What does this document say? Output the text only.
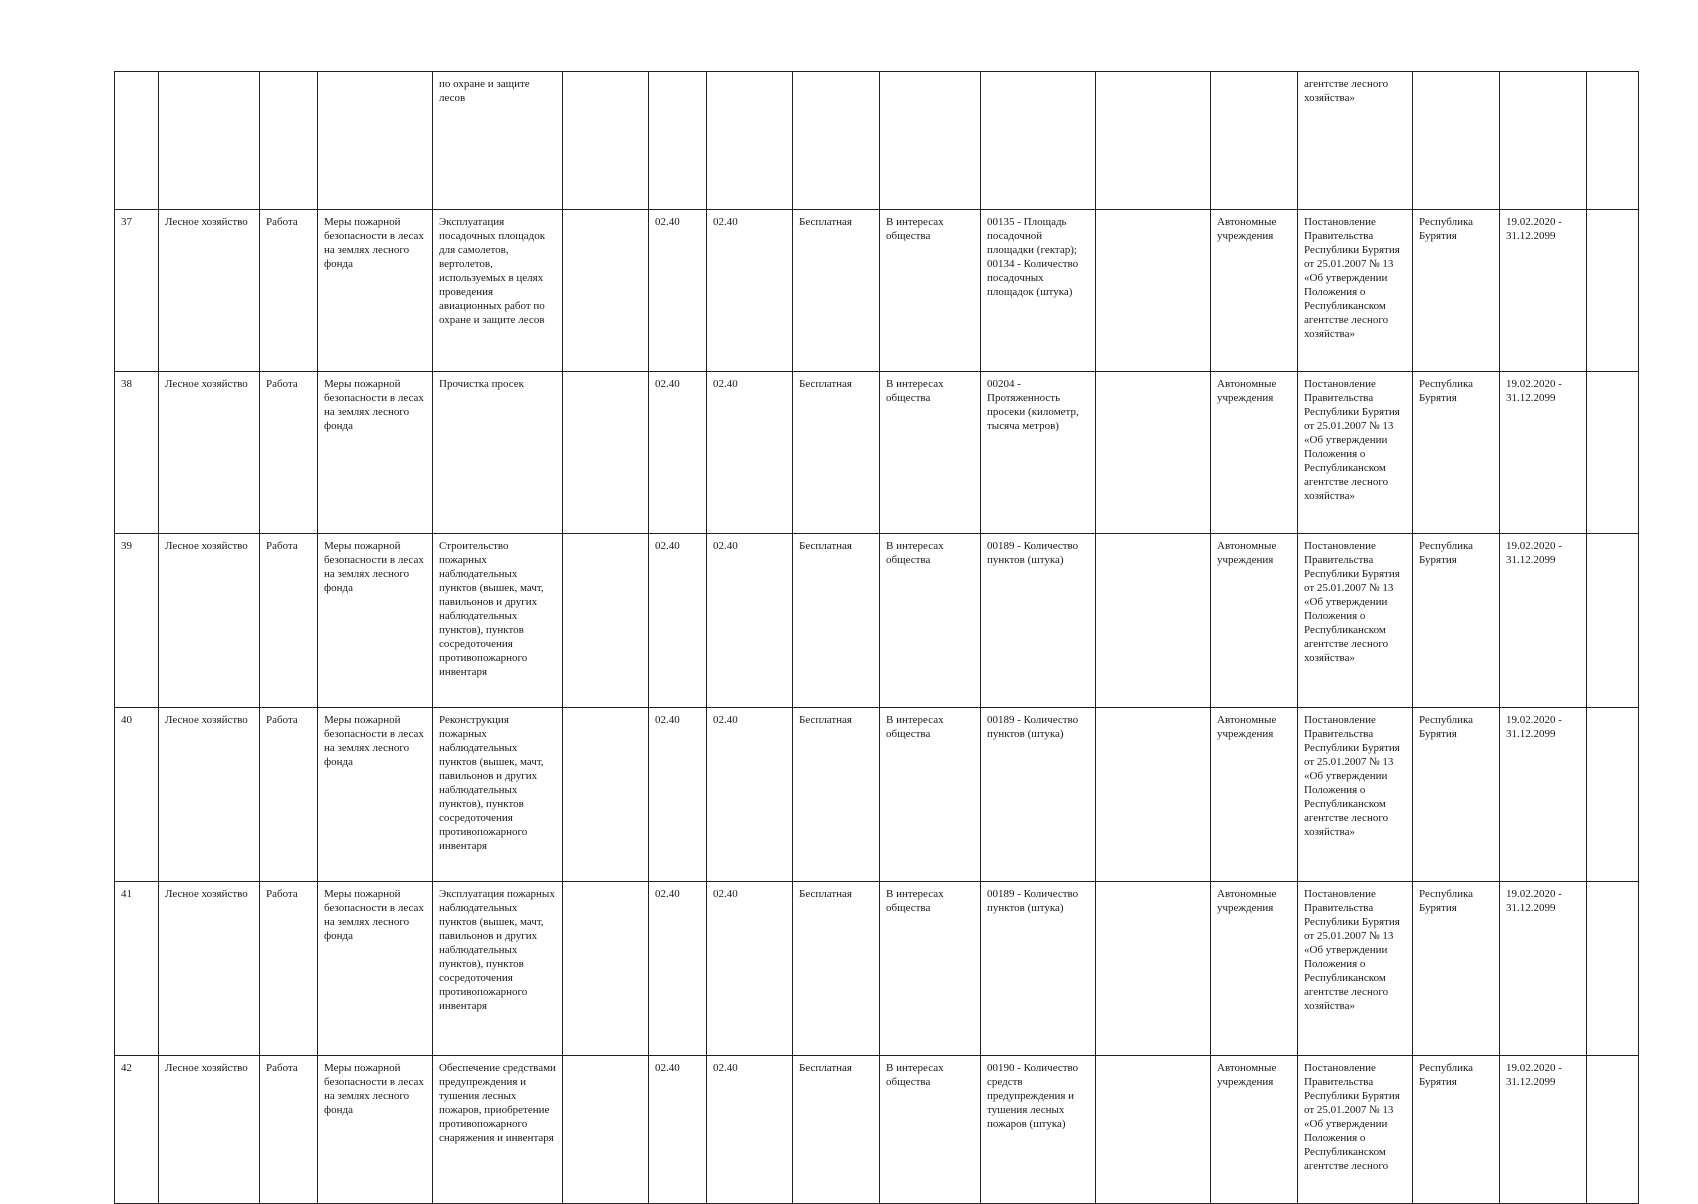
				по охране и защите лесов									агентстве лесного хозяйства»			
37	Лесное хозяйство	Работа	Меры пожарной безопасности в лесах на землях лесного фонда	Эксплуатация посадочных площадок для самолетов, вертолетов, используемых в целях проведения авиационных работ по охране и защите лесов		02.40	02.40	Бесплатная	В интересах общества	00135 - Площадь посадочной площадки (гектар); 00134 - Количество посадочных площадок (штука)		Автономные учреждения	Постановление Правительства Республики Бурятия от 25.01.2007 № 13 «Об утверждении Положения о Республиканском агентстве лесного хозяйства»	Республика Бурятия	19.02.2020 - 31.12.2099	
38	Лесное хозяйство	Работа	Меры пожарной безопасности в лесах на землях лесного фонда	Прочистка просек		02.40	02.40	Бесплатная	В интересах общества	00204 - Протяженность просеки (километр, тысяча метров)		Автономные учреждения	Постановление Правительства Республики Бурятия от 25.01.2007 № 13 «Об утверждении Положения о Республиканском агентстве лесного хозяйства»	Республика Бурятия	19.02.2020 - 31.12.2099	
39	Лесное хозяйство	Работа	Меры пожарной безопасности в лесах на землях лесного фонда	Строительство пожарных наблюдательных пунктов (вышек, мачт, павильонов и других наблюдательных пунктов), пунктов сосредоточения противопожарного инвентаря		02.40	02.40	Бесплатная	В интересах общества	00189 - Количество пунктов (штука)		Автономные учреждения	Постановление Правительства Республики Бурятия от 25.01.2007 № 13 «Об утверждении Положения о Республиканском агентстве лесного хозяйства»	Республика Бурятия	19.02.2020 - 31.12.2099	
40	Лесное хозяйство	Работа	Меры пожарной безопасности в лесах на землях лесного фонда	Реконструкция пожарных наблюдательных пунктов (вышек, мачт, павильонов и других наблюдательных пунктов), пунктов сосредоточения противопожарного инвентаря		02.40	02.40	Бесплатная	В интересах общества	00189 - Количество пунктов (штука)		Автономные учреждения	Постановление Правительства Республики Бурятия от 25.01.2007 № 13 «Об утверждении Положения о Республиканском агентстве лесного хозяйства»	Республика Бурятия	19.02.2020 - 31.12.2099	
41	Лесное хозяйство	Работа	Меры пожарной безопасности в лесах на землях лесного фонда	Эксплуатация пожарных наблюдательных пунктов (вышек, мачт, павильонов и других наблюдательных пунктов), пунктов сосредоточения противопожарного инвентаря		02.40	02.40	Бесплатная	В интересах общества	00189 - Количество пунктов (штука)		Автономные учреждения	Постановление Правительства Республики Бурятия от 25.01.2007 № 13 «Об утверждении Положения о Республиканском агентстве лесного хозяйства»	Республика Бурятия	19.02.2020 - 31.12.2099	
42	Лесное хозяйство	Работа	Меры пожарной безопасности в лесах на землях лесного фонда	Обеспечение средствами предупреждения и тушения лесных пожаров, приобретение противопожарного снаряжения и инвентаря		02.40	02.40	Бесплатная	В интересах общества	00190 - Количество средств предупреждения и тушения лесных пожаров (штука)		Автономные учреждения	Постановление Правительства Республики Бурятия от 25.01.2007 № 13 «Об утверждении Положения о Республиканском агентстве лесного	Республика Бурятия	19.02.2020 - 31.12.2099	
